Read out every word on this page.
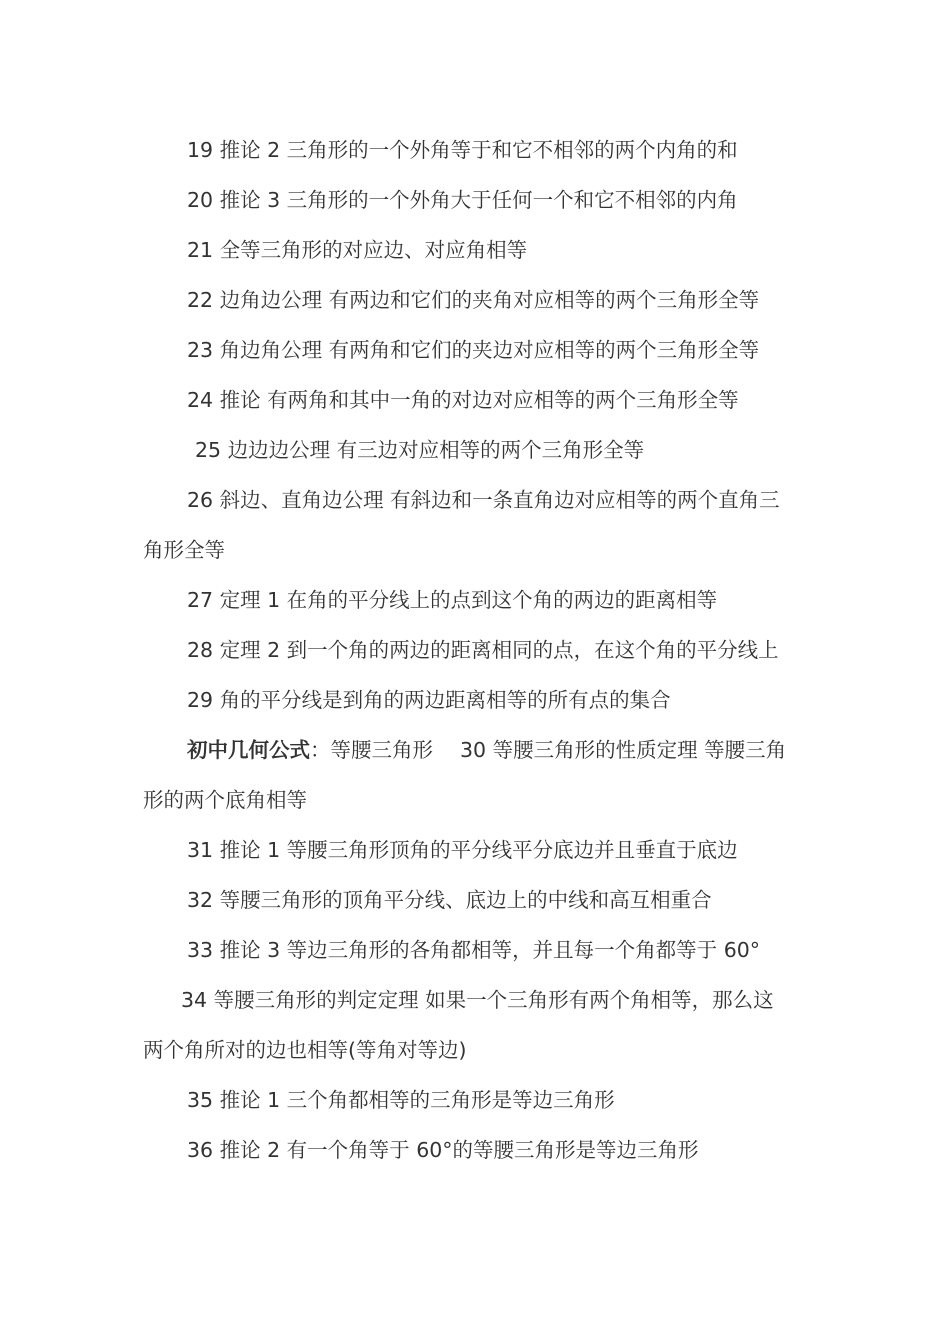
19 推论 2 三角形的一个外角等于和它不相邻的两个内角的和
20 推论 3 三角形的一个外角大于任何一个和它不相邻的内角
21 全等三角形的对应边、对应角相等
22 边角边公理 有两边和它们的夹角对应相等的两个三角形全等
23 角边角公理 有两角和它们的夹边对应相等的两个三角形全等
24 推论 有两角和其中一角的对边对应相等的两个三角形全等
25 边边边公理 有三边对应相等的两个三角形全等
26 斜边、直角边公理 有斜边和一条直角边对应相等的两个直角三
角形全等
27 定理 1 在角的平分线上的点到这个角的两边的距离相等
28 定理 2 到一个角的两边的距离相同的点，在这个角的平分线上
29 角的平分线是到角的两边距离相等的所有点的集合
初中几何公式：等腰三角形　 30 等腰三角形的性质定理 等腰三角
形的两个底角相等
31 推论 1 等腰三角形顶角的平分线平分底边并且垂直于底边
32 等腰三角形的顶角平分线、底边上的中线和高互相重合
33 推论 3 等边三角形的各角都相等，并且每一个角都等于 60°
34 等腰三角形的判定定理 如果一个三角形有两个角相等，那么这
两个角所对的边也相等(等角对等边)
35 推论 1 三个角都相等的三角形是等边三角形
36 推论 2 有一个角等于 60°的等腰三角形是等边三角形
